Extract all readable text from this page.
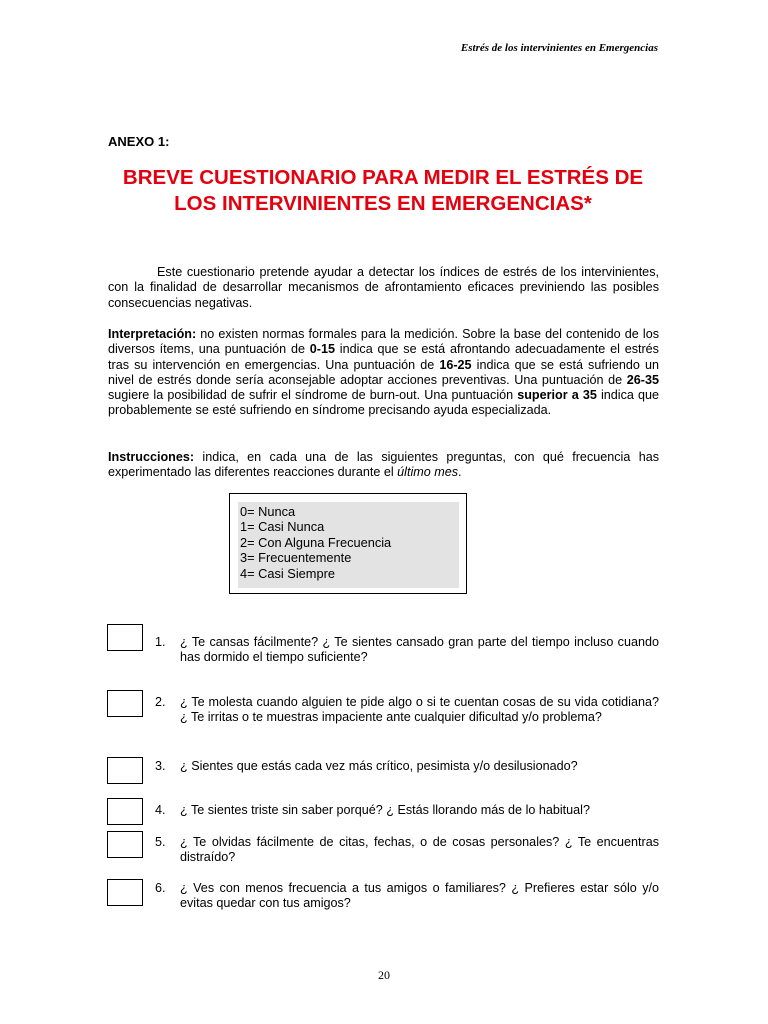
Estrés de los intervinientes en Emergencias
ANEXO 1:
BREVE CUESTIONARIO PARA MEDIR EL ESTRÉS DE LOS INTERVINIENTES EN EMERGENCIAS*
Este cuestionario pretende ayudar a detectar los índices de estrés de los intervinientes, con la finalidad de desarrollar mecanismos de afrontamiento eficaces previniendo las posibles consecuencias negativas.
Interpretación: no existen normas formales para la medición. Sobre la base del contenido de los diversos ítems, una puntuación de 0-15 indica que se está afrontando adecuadamente el estrés tras su intervención en emergencias. Una puntuación de 16-25 indica que se está sufriendo un nivel de estrés donde sería aconsejable adoptar acciones preventivas. Una puntuación de 26-35 sugiere la posibilidad de sufrir el síndrome de burn-out. Una puntuación superior a 35 indica que probablemente se esté sufriendo en síndrome precisando ayuda especializada.
Instrucciones: indica, en cada una de las siguientes preguntas, con qué frecuencia has experimentado las diferentes reacciones durante el último mes.
0= Nunca
1= Casi Nunca
2= Con Alguna Frecuencia
3= Frecuentemente
4= Casi Siempre
1. ¿ Te cansas fácilmente? ¿ Te sientes cansado gran parte del tiempo incluso cuando has dormido el tiempo suficiente?
2. ¿ Te molesta cuando alguien te pide algo o si te cuentan cosas de su vida cotidiana? ¿ Te irritas o te muestras impaciente ante cualquier dificultad y/o problema?
3. ¿ Sientes que estás cada vez más crítico, pesimista y/o desilusionado?
4. ¿ Te sientes triste sin saber porqué? ¿ Estás llorando más de lo habitual?
5. ¿ Te olvidas fácilmente de citas, fechas, o de cosas personales? ¿ Te encuentras distraído?
6. ¿ Ves con menos frecuencia a tus amigos o familiares? ¿ Prefieres estar sólo y/o evitas quedar con tus amigos?
20
